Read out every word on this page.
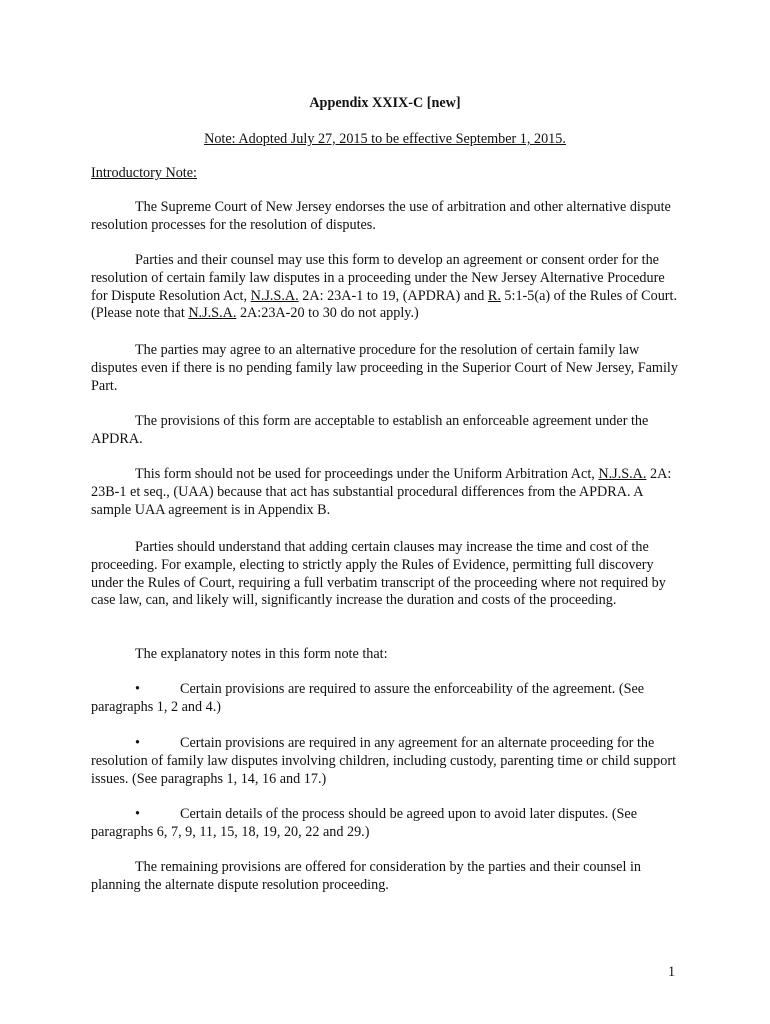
Appendix XXIX-C [new]
Note: Adopted July 27, 2015 to be effective September 1, 2015.
Introductory Note:

The Supreme Court of New Jersey endorses the use of arbitration and other alternative dispute resolution processes for the resolution of disputes.

Parties and their counsel may use this form to develop an agreement or consent order for the resolution of certain family law disputes in a proceeding under the New Jersey Alternative Procedure for Dispute Resolution Act, N.J.S.A. 2A: 23A-1 to 19, (APDRA) and R. 5:1-5(a) of the Rules of Court. (Please note that N.J.S.A. 2A:23A-20 to 30 do not apply.)

The parties may agree to an alternative procedure for the resolution of certain family law disputes even if there is no pending family law proceeding in the Superior Court of New Jersey, Family Part.

The provisions of this form are acceptable to establish an enforceable agreement under the APDRA.

This form should not be used for proceedings under the Uniform Arbitration Act, N.J.S.A. 2A: 23B-1 et seq., (UAA) because that act has substantial procedural differences from the APDRA. A sample UAA agreement is in Appendix B.

Parties should understand that adding certain clauses may increase the time and cost of the proceeding. For example, electing to strictly apply the Rules of Evidence, permitting full discovery under the Rules of Court, requiring a full verbatim transcript of the proceeding where not required by case law, can, and likely will, significantly increase the duration and costs of the proceeding.

The explanatory notes in this form note that:

•	Certain provisions are required to assure the enforceability of the agreement. (See paragraphs 1, 2 and 4.)

•	Certain provisions are required in any agreement for an alternate proceeding for the resolution of family law disputes involving children, including custody, parenting time or child support issues. (See paragraphs 1, 14, 16 and 17.)

•	Certain details of the process should be agreed upon to avoid later disputes. (See paragraphs 6, 7, 9, 11, 15, 18, 19, 20, 22 and 29.)

The remaining provisions are offered for consideration by the parties and their counsel in planning the alternate dispute resolution proceeding.

1
